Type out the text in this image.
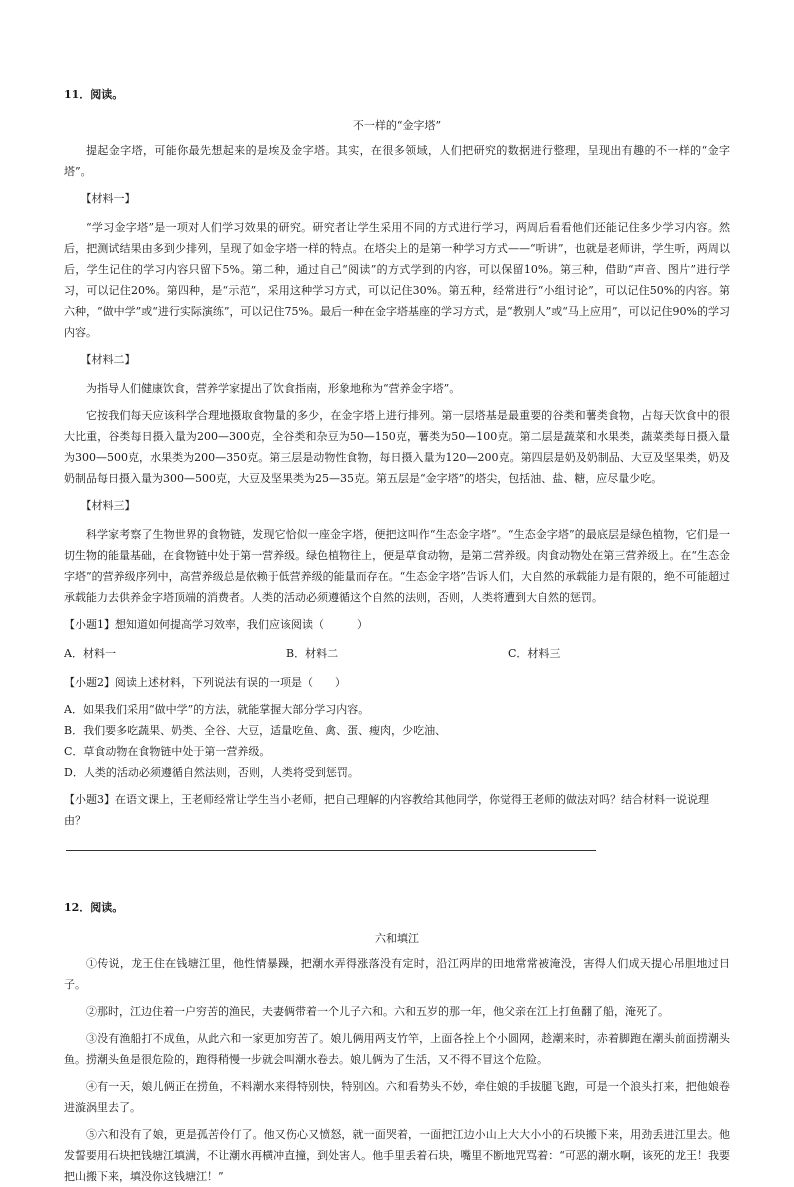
11．阅读。

不一样的“金字塔”

提起金字塔，可能你最先想起来的是埃及金字塔。其实，在很多领域，人们把研究的数据进行整理，呈现出有趣的不一样的“金字塔”。

【材料一】

“学习金字塔”是一项对人们学习效果的研究。研究者让学生采用不同的方式进行学习，两周后看看他们还能记住多少学习内容。然后，把测试结果由多到少排列，呈现了如金字塔一样的特点。在塔尖上的是第一种学习方式——“听讲”，也就是老师讲，学生听，两周以后，学生记住的学习内容只留下5%。第二种，通过自己“阅读”的方式学到的内容，可以保留10%。第三种，借助“声音、图片”进行学习，可以记住20%。第四种，是“示范”，采用这种学习方式，可以记住30%。第五种，经常进行“小组讨论”，可以记住50%的内容。第六种，“做中学”或“进行实际演练”，可以记住75%。最后一种在金字塔基座的学习方式，是“教别人”或“马上应用”，可以记住90%的学习内容。

【材料二】

为指导人们健康饮食，营养学家提出了饮食指南，形象地称为“营养金字塔”。

它按我们每天应该科学合理地摄取食物量的多少，在金字塔上进行排列。第一层塔基是最重要的谷类和薯类食物，占每天饮食中的很大比重，谷类每日摄入量为200—300克，全谷类和杂豆为50—150克，薯类为50—100克。第二层是蔬菜和水果类，蔬菜类每日摄入量为300—500克，水果类为200—350克。第三层是动物性食物，每日摄入量为120—200克。第四层是奶及奶制品、大豆及坚果类，奶及奶制品每日摄入量为300—500克，大豆及坚果类为25—35克。第五层是“金字塔”的塔尖，包括油、盐、糖，应尽量少吃。

【材料三】

科学家考察了生物世界的食物链，发现它恰似一座金字塔，便把这叫作“生态金字塔”。“生态金字塔”的最底层是绿色植物，它们是一切生物的能量基础，在食物链中处于第一营养级。绿色植物往上，便是草食动物，是第二营养级。肉食动物处在第三营养级上。在“生态金字塔”的营养级序列中，高营养级总是依赖于低营养级的能量而存在。“生态金字塔”告诉人们，大自然的承载能力是有限的，绝不可能超过承载能力去供养金字塔顶端的消费者。人类的活动必须遵循这个自然的法则，否则，人类将遭到大自然的惩罚。

【小题1】想知道如何提高学习效率，我们应该阅读（　　　）

A．材料一	B．材料二	C．材料三

【小题2】阅读上述材料，下列说法有误的一项是（　　）

A．如果我们采用“做中学”的方法，就能掌握大部分学习内容。

B．我们要多吃蔬果、奶类、全谷、大豆，适量吃鱼、禽、蛋、瘦肉，少吃油、

C．草食动物在食物链中处于第一营养级。

D．人类的活动必须遵循自然法则，否则，人类将受到惩罚。

【小题3】在语文课上，王老师经常让学生当小老师，把自己理解的内容教给其他同学，你觉得王老师的做法对吗？结合材料一说说理由？

12．阅读。

六和填江

①传说，龙王住在钱塘江里，他性情暴躁，把潮水弄得涨落没有定时，沿江两岸的田地常常被淹没，害得人们成天提心吊胆地过日子。

②那时，江边住着一户穷苦的渔民，夫妻俩带着一个儿子六和。六和五岁的那一年，他父亲在江上打鱼翻了船，淹死了。

③没有渔船打不成鱼，从此六和一家更加穷苦了。娘儿俩用两支竹竿，上面各拴上个小圆网，趁潮来时，赤着脚跑在潮头前面捞潮头鱼。捞潮头鱼是很危险的，跑得稍慢一步就会叫潮水卷去。娘儿俩为了生活，又不得不冒这个危险。

④有一天，娘儿俩正在捞鱼，不料潮水来得特别快，特别凶。六和看势头不妙，牵住娘的手拔腿飞跑，可是一个浪头打来，把他娘卷进漩涡里去了。

⑤六和没有了娘，更是孤苦伶仃了。他又伤心又愤怒，就一面哭着，一面把江边小山上大大小小的石块搬下来，用劲丢进江里去。他发誓要用石块把钱塘江填满，不让潮水再横冲直撞，到处害人。他手里丢着石块，嘴里不断地咒骂着：“可恶的潮水啊，该死的龙王！我要把山搬下来，填没你这钱塘江！”
